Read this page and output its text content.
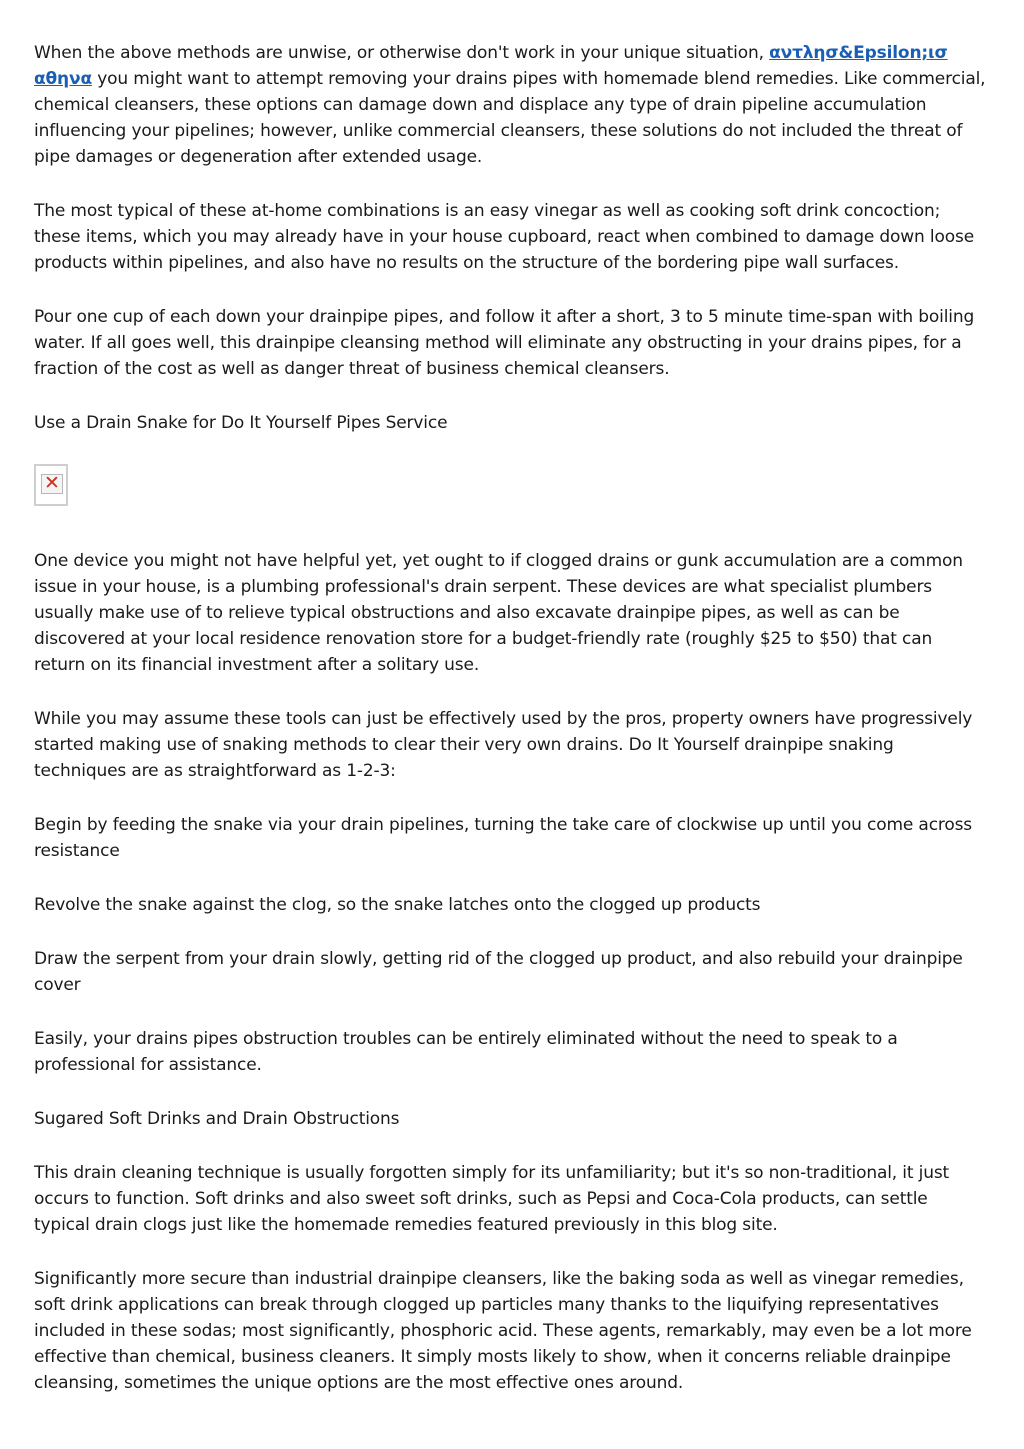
When the above methods are unwise, or otherwise don't work in your unique situation, αντλησ&Epsilon;ισ αθηνα you might want to attempt removing your drains pipes with homemade blend remedies. Like commercial, chemical cleansers, these options can damage down and displace any type of drain pipeline accumulation influencing your pipelines; however, unlike commercial cleansers, these solutions do not included the threat of pipe damages or degeneration after extended usage.

The most typical of these at-home combinations is an easy vinegar as well as cooking soft drink concoction; these items, which you may already have in your house cupboard, react when combined to damage down loose products within pipelines, and also have no results on the structure of the bordering pipe wall surfaces.

Pour one cup of each down your drainpipe pipes, and follow it after a short, 3 to 5 minute time-span with boiling water. If all goes well, this drainpipe cleansing method will eliminate any obstructing in your drains pipes, for a fraction of the cost as well as danger threat of business chemical cleansers.

Use a Drain Snake for Do It Yourself Pipes Service

✕

One device you might not have helpful yet, yet ought to if clogged drains or gunk accumulation are a common issue in your house, is a plumbing professional's drain serpent. These devices are what specialist plumbers usually make use of to relieve typical obstructions and also excavate drainpipe pipes, as well as can be discovered at your local residence renovation store for a budget-friendly rate (roughly $25 to $50) that can return on its financial investment after a solitary use.

While you may assume these tools can just be effectively used by the pros, property owners have progressively started making use of snaking methods to clear their very own drains. Do It Yourself drainpipe snaking techniques are as straightforward as 1-2-3:

Begin by feeding the snake via your drain pipelines, turning the take care of clockwise up until you come across resistance

Revolve the snake against the clog, so the snake latches onto the clogged up products

Draw the serpent from your drain slowly, getting rid of the clogged up product, and also rebuild your drainpipe cover

Easily, your drains pipes obstruction troubles can be entirely eliminated without the need to speak to a professional for assistance.

Sugared Soft Drinks and Drain Obstructions

This drain cleaning technique is usually forgotten simply for its unfamiliarity; but it's so non-traditional, it just occurs to function. Soft drinks and also sweet soft drinks, such as Pepsi and Coca-Cola products, can settle typical drain clogs just like the homemade remedies featured previously in this blog site.

Significantly more secure than industrial drainpipe cleansers, like the baking soda as well as vinegar remedies, soft drink applications can break through clogged up particles many thanks to the liquifying representatives included in these sodas; most significantly, phosphoric acid. These agents, remarkably, may even be a lot more effective than chemical, business cleaners. It simply mosts likely to show, when it concerns reliable drainpipe cleansing, sometimes the unique options are the most effective ones around.
